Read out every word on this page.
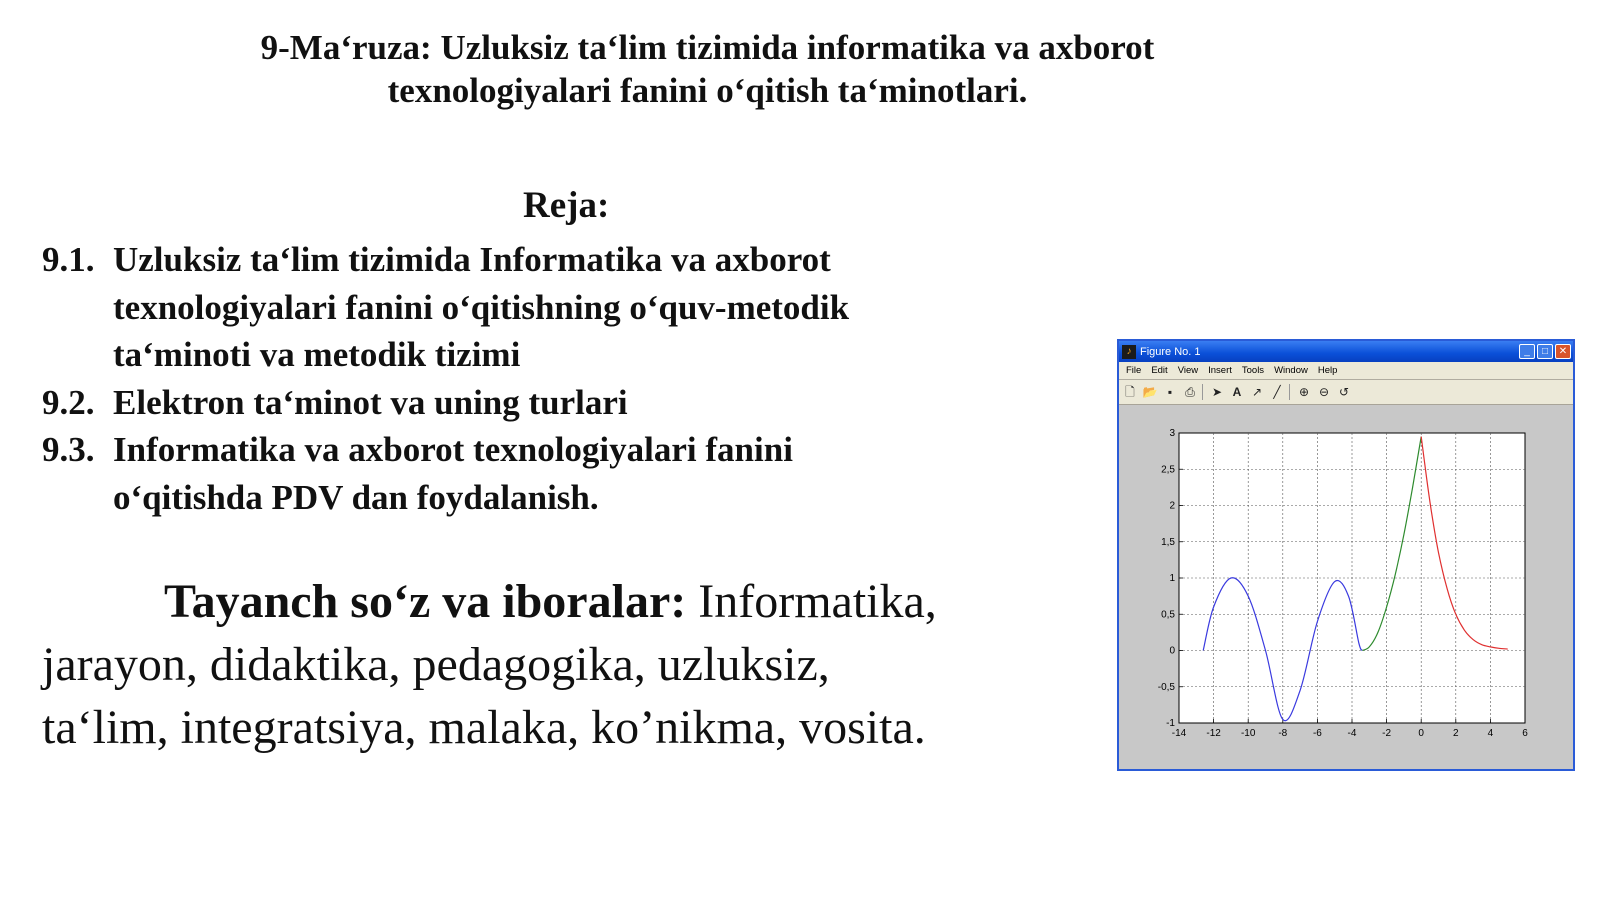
9-Ma‘ruza: Uzluksiz ta‘lim tizimida informatika va axborot
texnologiyalari fanini o‘qitish ta‘minotlari.
Reja:
9.1. Uzluksiz ta‘lim tizimida Informatika va axborot
texnologiyalari fanini o‘qitishning o‘quv-metodik
ta‘minoti va metodik tizimi
9.2. Elektron ta‘minot va uning turlari
9.3. Informatika va axborot texnologiyalari fanini
o‘qitishda PDV dan foydalanish.
Tayanch so‘z va iboralar: Informatika,
jarayon, didaktika, pedagogika, uzluksiz,
ta‘lim, integratsiya, malaka, ko’nikma, vosita.
♪ Figure No. 1	_	□	✕
File Edit View Insert Tools Window Help
🗋 📂 ▪	⎙	➤ A ↗ ╱	⊕ ⊖ ↺
-14 -12 -10 -8	-6	-4	-2	0	2	4	6
-1
-0,5
0
0,5
1
1,5
2
2,5
3
